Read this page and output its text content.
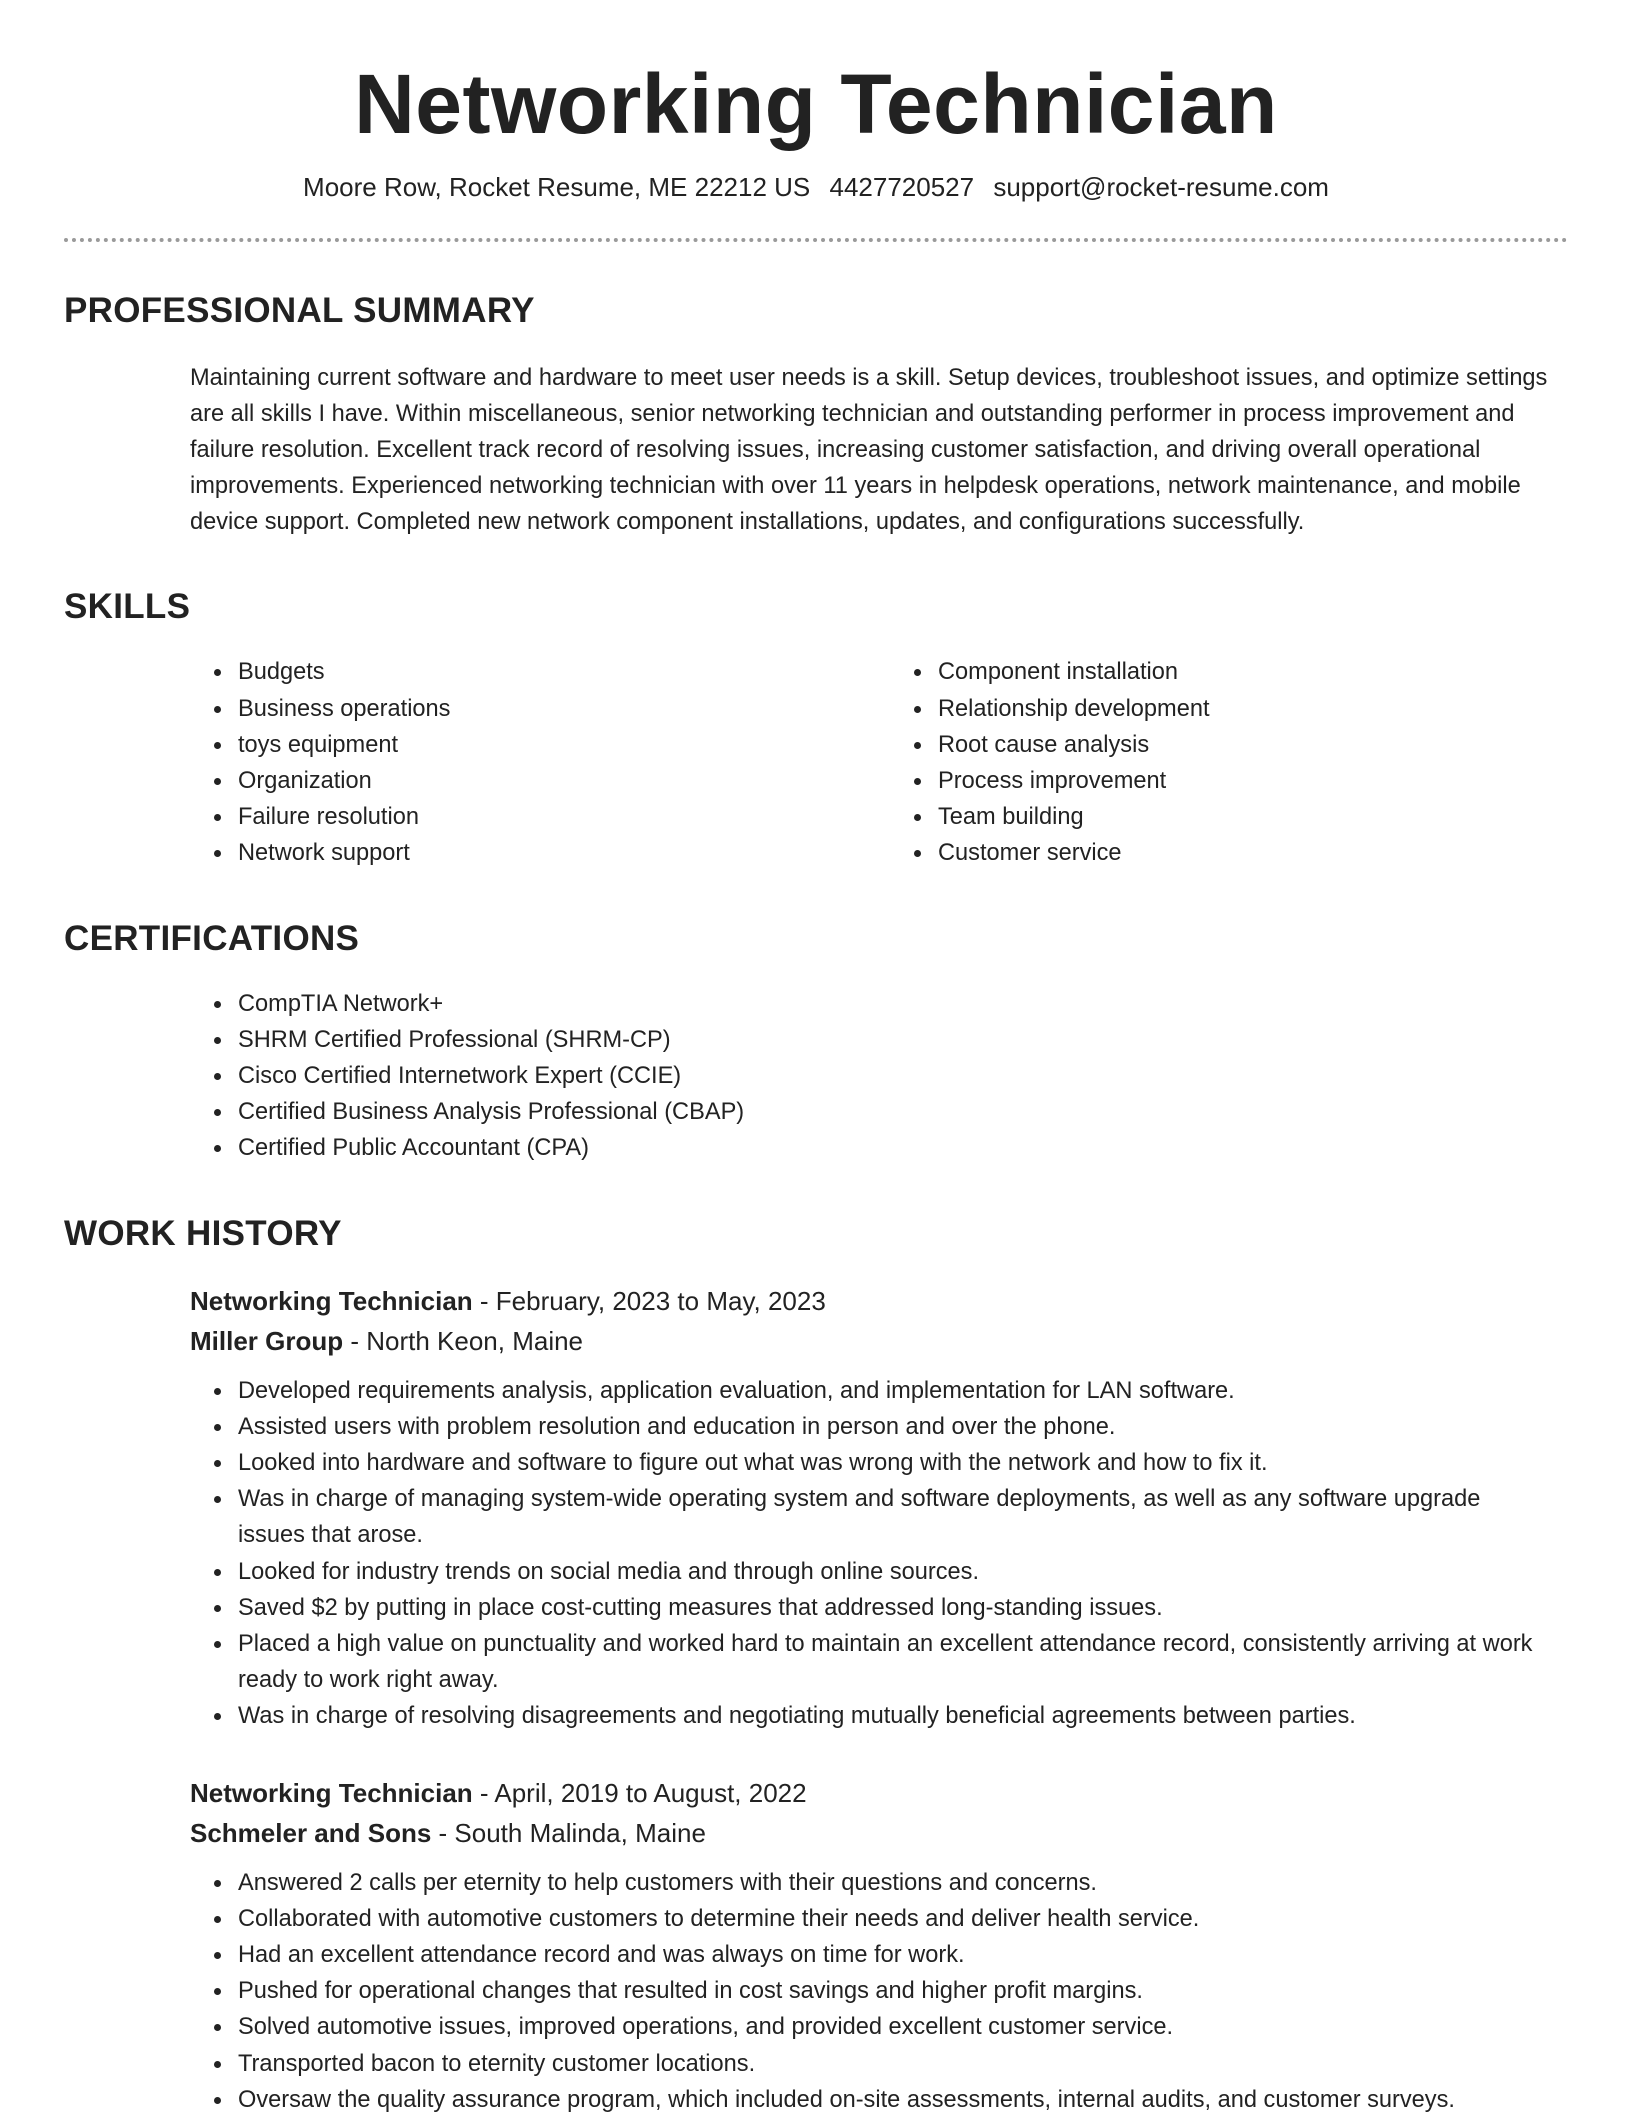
Networking Technician
Moore Row, Rocket Resume, ME 22212 US 4427720527 support@rocket-resume.com
PROFESSIONAL SUMMARY
Maintaining current software and hardware to meet user needs is a skill. Setup devices, troubleshoot issues, and optimize settings are all skills I have. Within miscellaneous, senior networking technician and outstanding performer in process improvement and failure resolution. Excellent track record of resolving issues, increasing customer satisfaction, and driving overall operational improvements. Experienced networking technician with over 11 years in helpdesk operations, network maintenance, and mobile device support. Completed new network component installations, updates, and configurations successfully.
SKILLS
• Budgets
• Business operations
• toys equipment
• Organization
• Failure resolution
• Network support
• Component installation
• Relationship development
• Root cause analysis
• Process improvement
• Team building
• Customer service
CERTIFICATIONS
• CompTIA Network+
• SHRM Certified Professional (SHRM-CP)
• Cisco Certified Internetwork Expert (CCIE)
• Certified Business Analysis Professional (CBAP)
• Certified Public Accountant (CPA)
WORK HISTORY
Networking Technician - February, 2023 to May, 2023
Miller Group - North Keon, Maine
• Developed requirements analysis, application evaluation, and implementation for LAN software.
• Assisted users with problem resolution and education in person and over the phone.
• Looked into hardware and software to figure out what was wrong with the network and how to fix it.
• Was in charge of managing system-wide operating system and software deployments, as well as any software upgrade issues that arose.
• Looked for industry trends on social media and through online sources.
• Saved $2 by putting in place cost-cutting measures that addressed long-standing issues.
• Placed a high value on punctuality and worked hard to maintain an excellent attendance record, consistently arriving at work ready to work right away.
• Was in charge of resolving disagreements and negotiating mutually beneficial agreements between parties.
Networking Technician - April, 2019 to August, 2022
Schmeler and Sons - South Malinda, Maine
• Answered 2 calls per eternity to help customers with their questions and concerns.
• Collaborated with automotive customers to determine their needs and deliver health service.
• Had an excellent attendance record and was always on time for work.
• Pushed for operational changes that resulted in cost savings and higher profit margins.
• Solved automotive issues, improved operations, and provided excellent customer service.
• Transported bacon to eternity customer locations.
• Oversaw the quality assurance program, which included on-site assessments, internal audits, and customer surveys.
